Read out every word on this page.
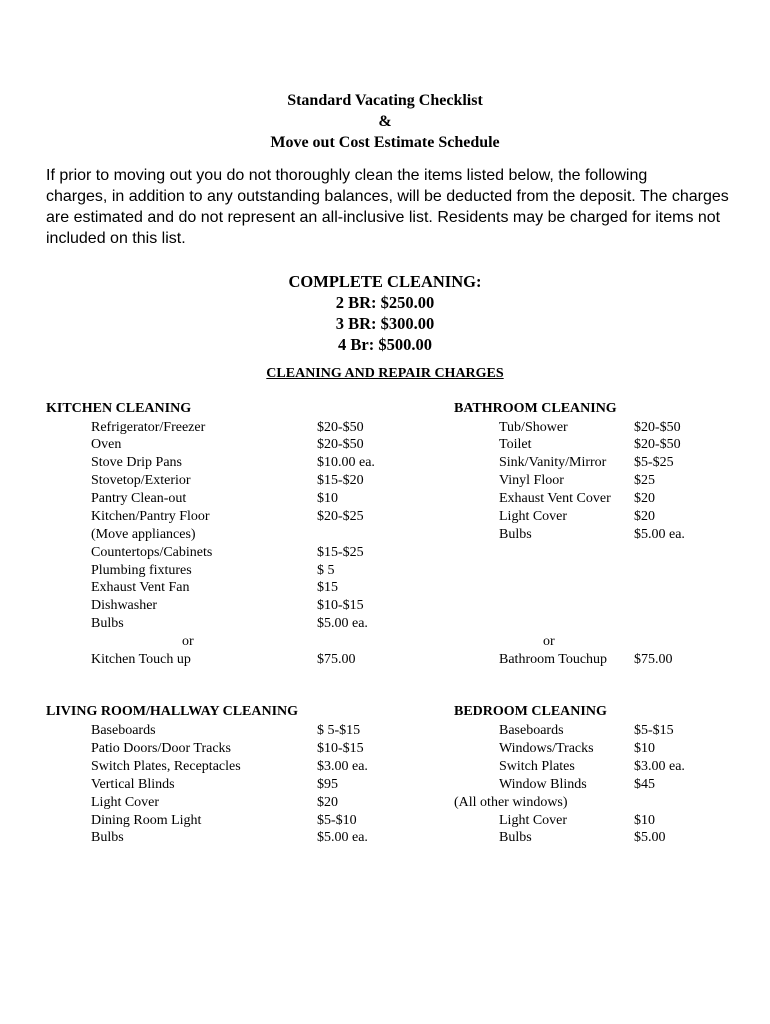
Standard Vacating Checklist
&
Move out Cost Estimate Schedule
If prior to moving out you do not thoroughly clean the items listed below, the following
charges, in addition to any outstanding balances, will be deducted from the deposit. The charges
are estimated and do not represent an all-inclusive list. Residents may be charged for items not
included on this list.
COMPLETE CLEANING:
2 BR: $250.00
3 BR: $300.00
4 Br: $500.00
CLEANING AND REPAIR CHARGES
KITCHEN CLEANING	BATHROOM CLEANING
LIVING ROOM/HALLWAY CLEANING	BEDROOM CLEANING
Refrigerator/Freezer	$20-$50
Oven	$20-$50
Stove Drip Pans	$10.00 ea.
Stovetop/Exterior	$15-$20
Pantry Clean-out	$10
Kitchen/Pantry Floor	$20-$25
(Move appliances)
Countertops/Cabinets	$15-$25
Plumbing fixtures	$ 5
Exhaust Vent Fan	$15
Dishwasher	$10-$15
Bulbs	$5.00 ea.
or
Kitchen Touch up	$75.00
Tub/Shower	$20-$50
Toilet	$20-$50
Sink/Vanity/Mirror $5-$25
Vinyl Floor	$25
Exhaust Vent Cover $20
Light Cover	$20
Bulbs	$5.00 ea.
or
Bathroom Touchup $75.00
Baseboards	$ 5-$15
Patio Doors/Door Tracks	$10-$15
Switch Plates, Receptacles	$3.00 ea.
Vertical Blinds	$95
Light Cover	$20
Dining Room Light	$5-$10
Bulbs	$5.00 ea.
Baseboards	$5-$15
Windows/Tracks	$10
Switch Plates	$3.00 ea.
Window Blinds	$45
(All other windows)
Light Cover	$10
Bulbs	$5.00
